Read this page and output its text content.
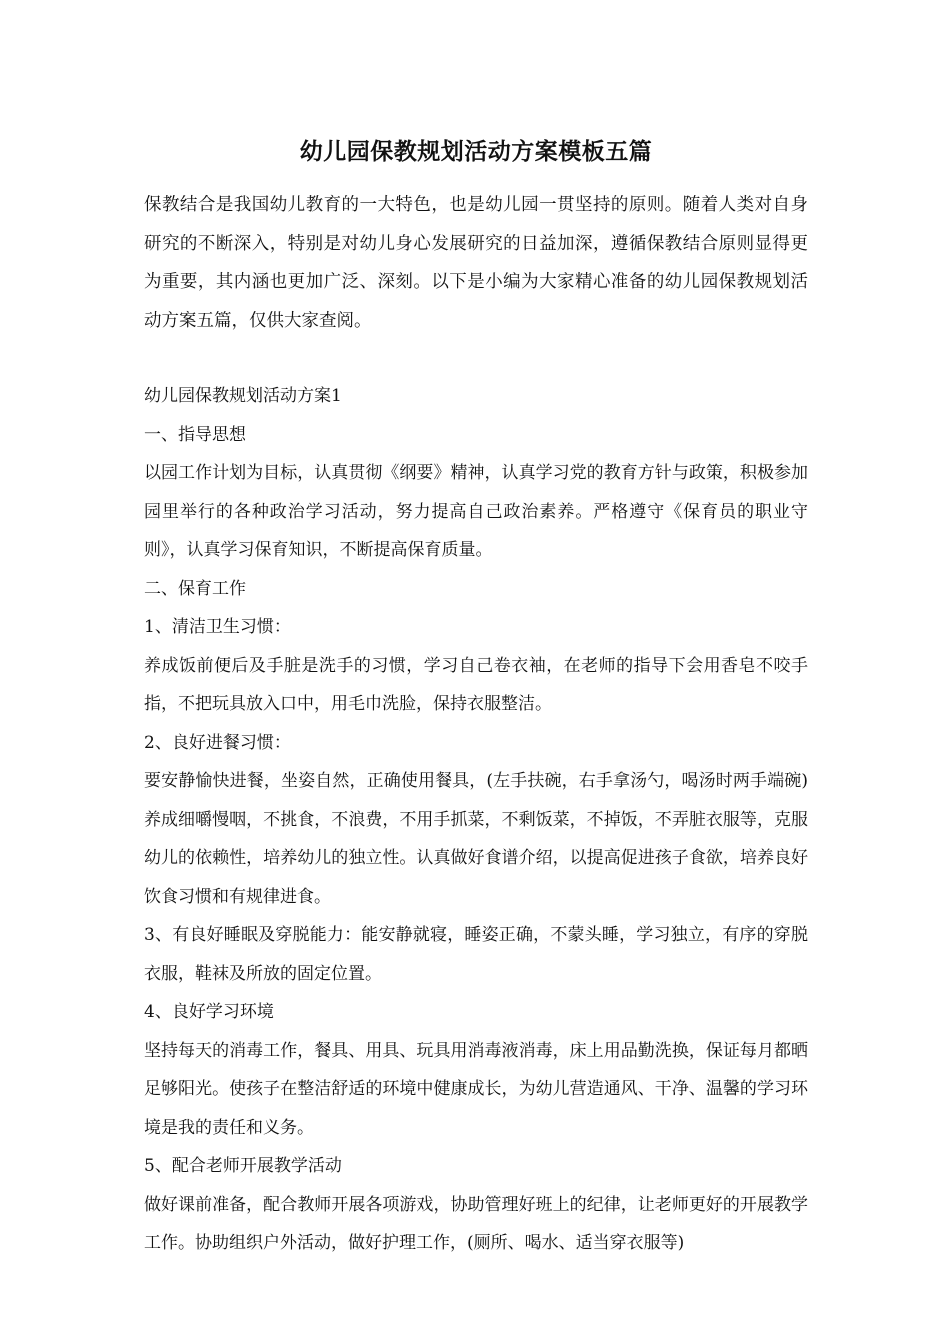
幼儿园保教规划活动方案模板五篇

保教结合是我国幼儿教育的一大特色，也是幼儿园一贯坚持的原则。随着人类对自身研究的不断深入，特别是对幼儿身心发展研究的日益加深，遵循保教结合原则显得更为重要，其内涵也更加广泛、深刻。以下是小编为大家精心准备的幼儿园保教规划活动方案五篇，仅供大家查阅。

幼儿园保教规划活动方案1

一、指导思想

以园工作计划为目标，认真贯彻《纲要》精神，认真学习党的教育方针与政策，积极参加园里举行的各种政治学习活动，努力提高自己政治素养。严格遵守《保育员的职业守则》，认真学习保育知识，不断提高保育质量。

二、保育工作

1、清洁卫生习惯：

养成饭前便后及手脏是洗手的习惯，学习自己卷衣袖，在老师的指导下会用香皂不咬手指，不把玩具放入口中，用毛巾洗脸，保持衣服整洁。

2、良好进餐习惯：

要安静愉快进餐，坐姿自然，正确使用餐具，(左手扶碗，右手拿汤勺，喝汤时两手端碗)养成细嚼慢咽，不挑食，不浪费，不用手抓菜，不剩饭菜，不掉饭，不弄脏衣服等，克服幼儿的依赖性，培养幼儿的独立性。认真做好食谱介绍，以提高促进孩子食欲，培养良好饮食习惯和有规律进食。

3、有良好睡眠及穿脱能力：能安静就寝，睡姿正确，不蒙头睡，学习独立，有序的穿脱衣服，鞋袜及所放的固定位置。

4、良好学习环境

坚持每天的消毒工作，餐具、用具、玩具用消毒液消毒，床上用品勤洗换，保证每月都晒足够阳光。使孩子在整洁舒适的环境中健康成长，为幼儿营造通风、干净、温馨的学习环境是我的责任和义务。

5、配合老师开展教学活动

做好课前准备，配合教师开展各项游戏，协助管理好班上的纪律，让老师更好的开展教学工作。协助组织户外活动，做好护理工作，(厕所、喝水、适当穿衣服等)
